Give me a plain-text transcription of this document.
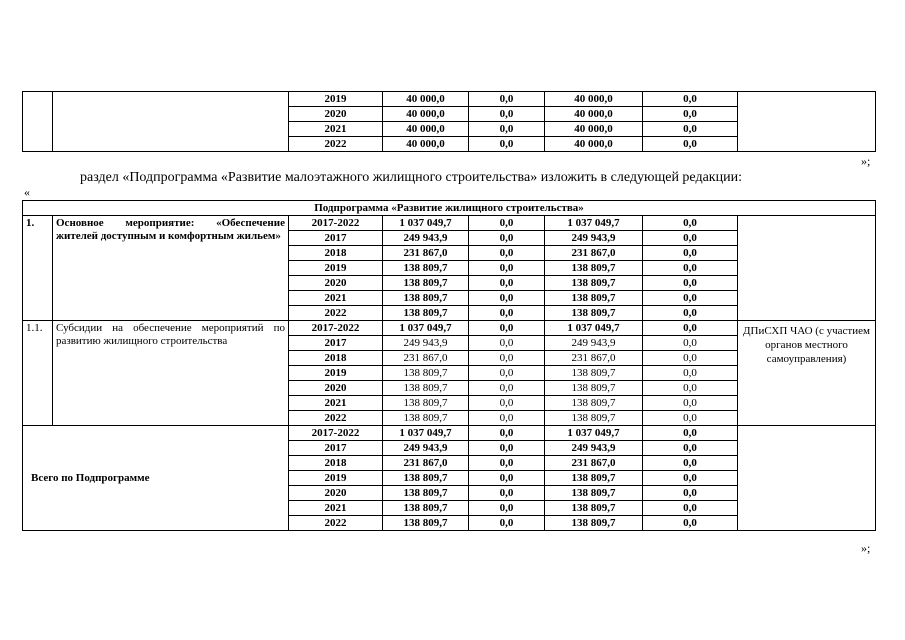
		2019	40 000,0	0,0	40 000,0	0,0	
		2020	40 000,0	0,0	40 000,0	0,0	
		2021	40 000,0	0,0	40 000,0	0,0	
		2022	40 000,0	0,0	40 000,0	0,0	
»;
раздел «Подпрограмма «Развитие малоэтажного жилищного строительства» изложить в следующей редакции:
«
Подпрограмма «Развитие жилищного строительства»							
1.	Основное мероприятие: «Обеспечение жителей доступным и комфортным жильем»	2017-2022	1 037 049,7	0,0	1 037 049,7	0,0	
		2017	249 943,9	0,0	249 943,9	0,0	
		2018	231 867,0	0,0	231 867,0	0,0	
		2019	138 809,7	0,0	138 809,7	0,0	
		2020	138 809,7	0,0	138 809,7	0,0	
		2021	138 809,7	0,0	138 809,7	0,0	
		2022	138 809,7	0,0	138 809,7	0,0	
1.1.	Субсидии на обеспечение мероприятий по развитию жилищного строительства	2017-2022	1 037 049,7	0,0	1 037 049,7	0,0	ДПиСХП ЧАО (с участием органов местного самоуправления)
		2017	249 943,9	0,0	249 943,9	0,0	
		2018	231 867,0	0,0	231 867,0	0,0	
		2019	138 809,7	0,0	138 809,7	0,0	
		2020	138 809,7	0,0	138 809,7	0,0	
		2021	138 809,7	0,0	138 809,7	0,0	
		2022	138 809,7	0,0	138 809,7	0,0	
Всего по Подпрограмме		2017-2022	1 037 049,7	0,0	1 037 049,7	0,0	
		2017	249 943,9	0,0	249 943,9	0,0	
		2018	231 867,0	0,0	231 867,0	0,0	
		2019	138 809,7	0,0	138 809,7	0,0	
		2020	138 809,7	0,0	138 809,7	0,0	
		2021	138 809,7	0,0	138 809,7	0,0	
		2022	138 809,7	0,0	138 809,7	0,0	
»;
